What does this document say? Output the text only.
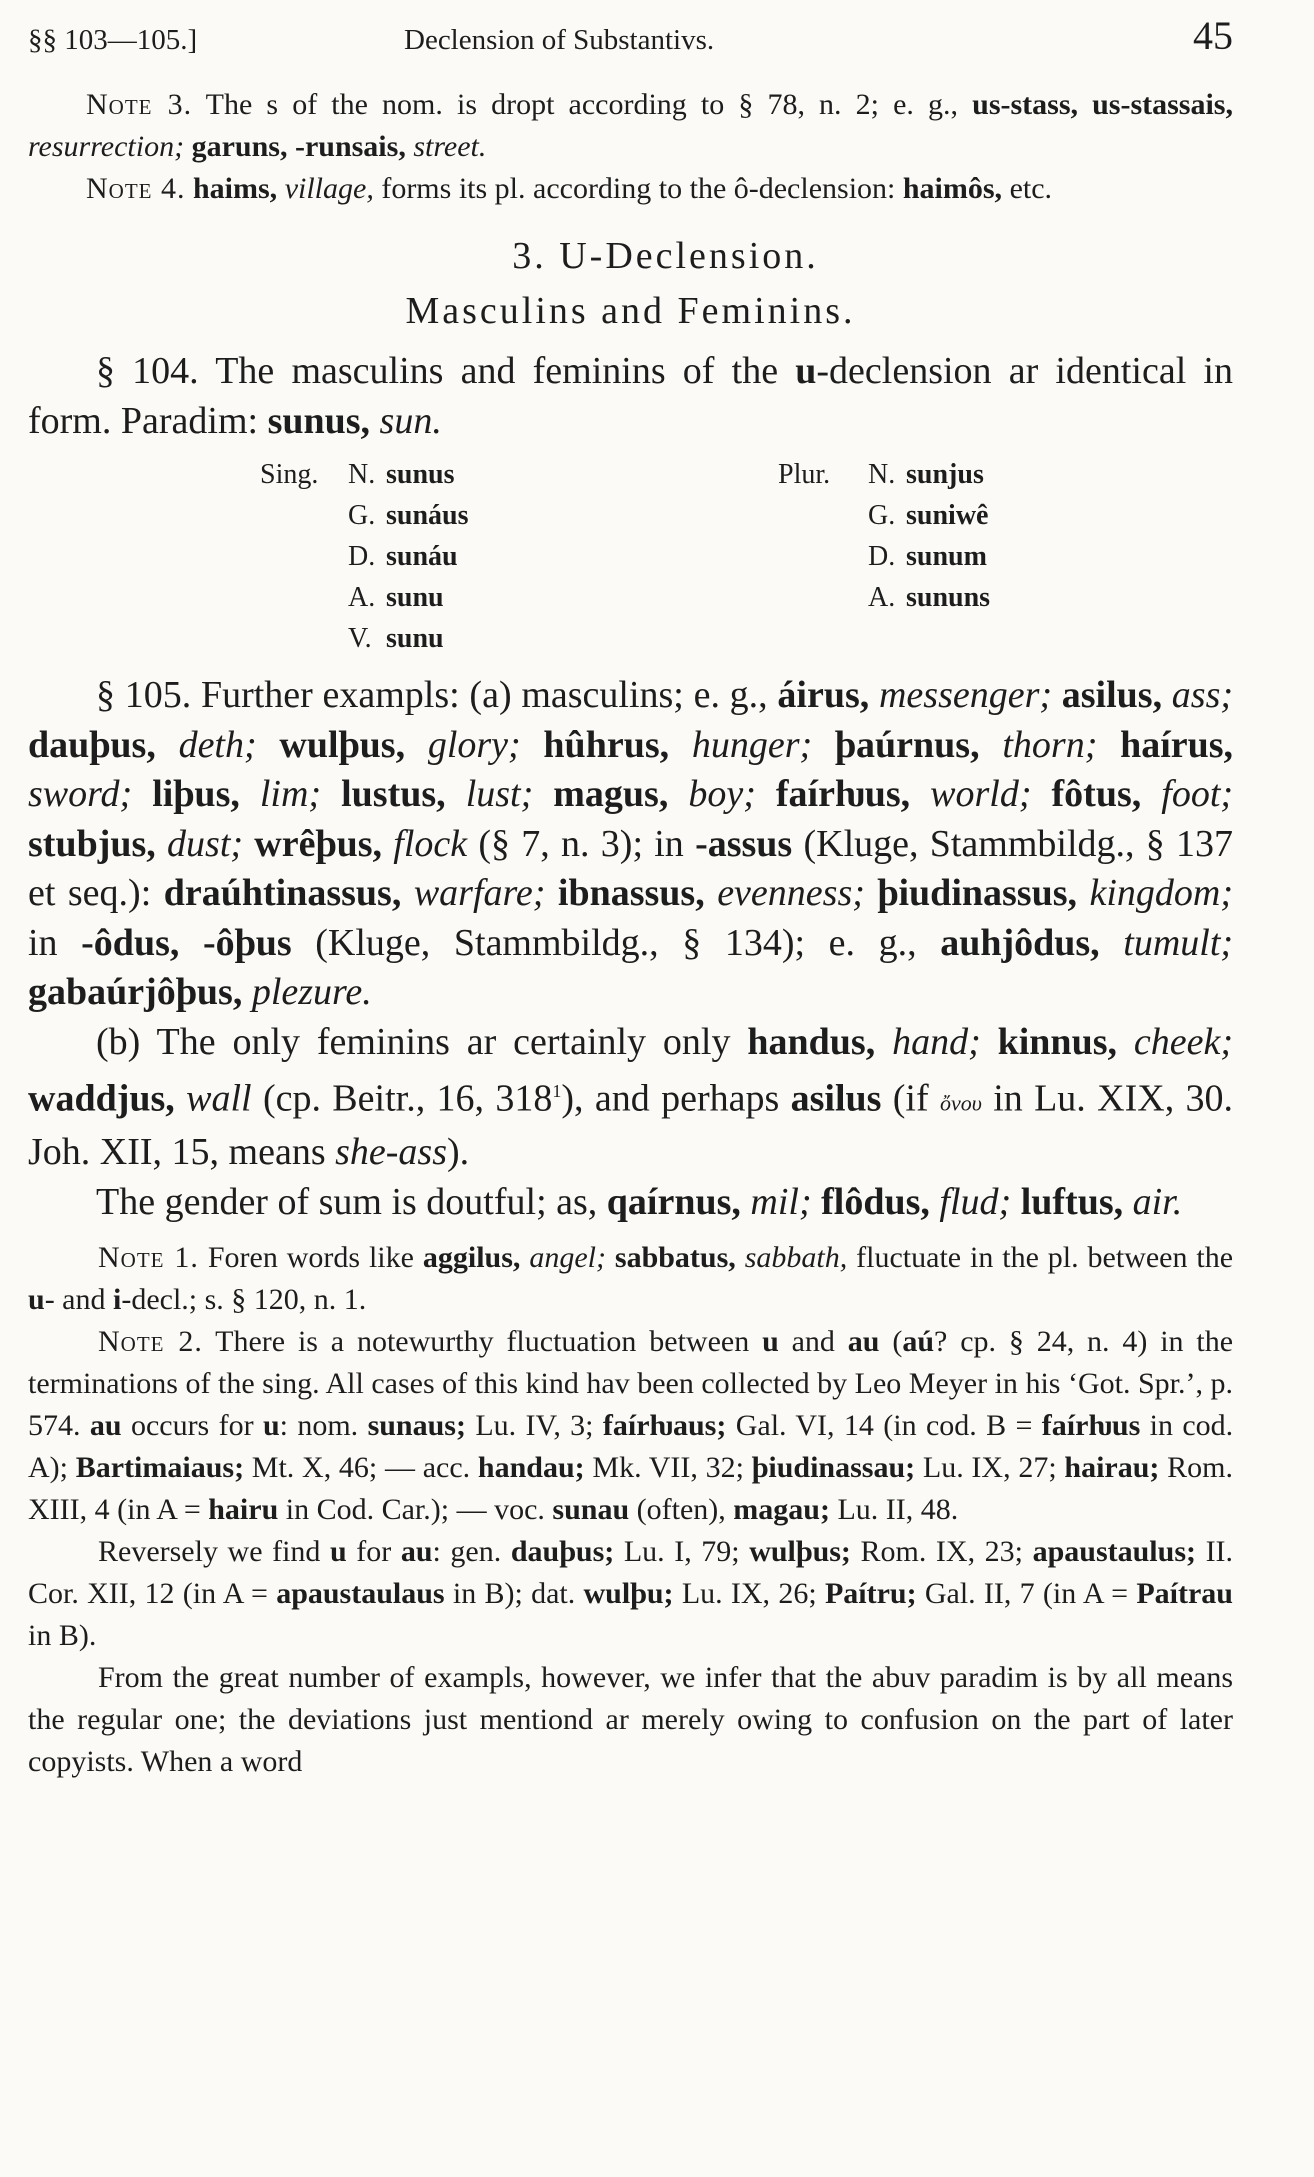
§§ 103—105.]	Declension of Substantivs.	45

Note 3. The s of the nom. is dropt according to § 78, n. 2; e. g., us-stass, us-stassais, resurrection; garuns, -runsais, street.

Note 4. haims, village, forms its pl. according to the ô-declension: haimôs, etc.

3. U-Declension.

Masculins and Feminins.

§ 104. The masculins and feminins of the u-declension ar identical in form. Paradim: sunus, sun.

Sing.	N.	sunus	Plur.	N.	sunjus
	G.	sunáus		G.	suniwê
	D.	sunáu		D.	sunum
	A.	sunu		A.	sununs
	V.	sunu			

§ 105. Further exampls: (a) masculins; e. g., áirus, messenger; asilus, ass; dauþus, deth; wulþus, glory; hûhrus, hunger; þaúrnus, thorn; haírus, sword; liþus, lim; lustus, lust; magus, boy; faírƕus, world; fôtus, foot; stubjus, dust; wrêþus, flock (§ 7, n. 3); in -assus (Kluge, Stammbildg., § 137 et seq.): draúhtinassus, warfare; ibnassus, evenness; þiudinassus, kingdom; in -ôdus, -ôþus (Kluge, Stammbildg., § 134); e. g., auhjôdus, tumult; gabaúrjôþus, plezure.

(b) The only feminins ar certainly only handus, hand; kinnus, cheek; waddjus, wall (cp. Beitr., 16, $318^1$), and perhaps asilus (if ὄνου in Lu. XIX, 30. Joh. XII, 15, means she-ass).

The gender of sum is doutful; as, qaírnus, mil; flôdus, flud; luftus, air.

Note 1. Foren words like aggilus, angel; sabbatus, sabbath, fluctuate in the pl. between the u- and i-decl.; s. § 120, n. 1.

Note 2. There is a notewurthy fluctuation between u and au (aú? cp. § 24, n. 4) in the terminations of the sing. All cases of this kind hav been collected by Leo Meyer in his ‘Got. Spr.’, p. 574. au occurs for u: nom. sunaus; Lu. IV, 3; faírƕaus; Gal. VI, 14 (in cod. B = faírƕus in cod. A); Bartimaiaus; Mt. X, 46; — acc. handau; Mk. VII, 32; þiudinassau; Lu. IX, 27; hairau; Rom. XIII, 4 (in A = hairu in Cod. Car.); — voc. sunau (often), magau; Lu. II, 48.

Reversely we find u for au: gen. dauþus; Lu. I, 79; wulþus; Rom. IX, 23; apaustaulus; II. Cor. XII, 12 (in A = apaustaulaus in B); dat. wulþu; Lu. IX, 26; Paítru; Gal. II, 7 (in A = Paítrau in B).

From the great number of exampls, however, we infer that the abuv paradim is by all means the regular one; the deviations just mentiond ar merely owing to confusion on the part of later copyists. When a word
